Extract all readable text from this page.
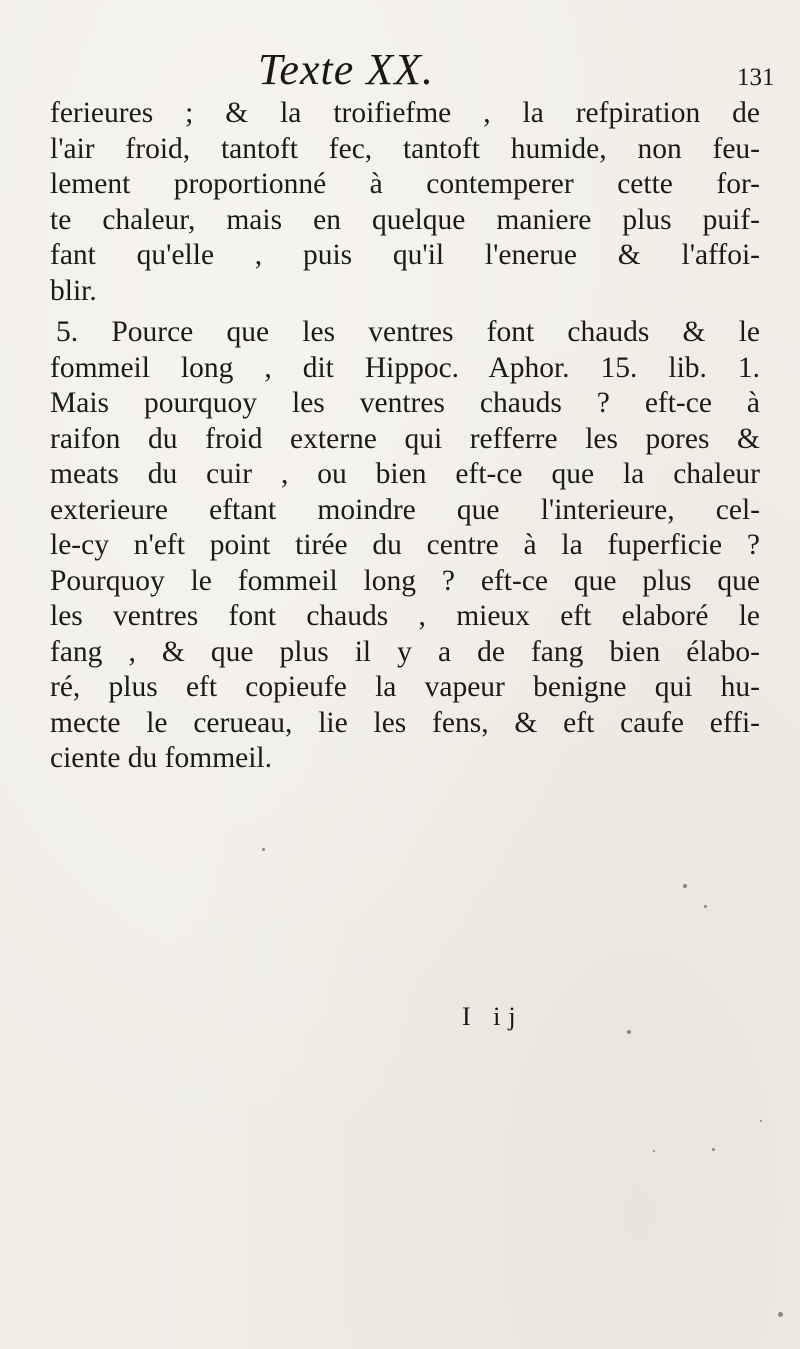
Texte XX.	131
ferieures ; & la troifiefme , la refpiration de
l'air froid, tantoft fec, tantoft humide, non feu-
lement proportionné à contemperer cette for-
te chaleur, mais en quelque maniere plus puif-
fant qu'elle , puis qu'il l'enerue & l'affoi-
blir.
5. Pource que les ventres font chauds & le
fommeil long , dit Hippoc. Aphor. 15. lib. 1.
Mais pourquoy les ventres chauds ? eft-ce à
raifon du froid externe qui refferre les pores &
meats du cuir , ou bien eft-ce que la chaleur
exterieure eftant moindre que l'interieure, cel-
le-cy n'eft point tirée du centre à la fuperficie ?
Pourquoy le fommeil long ? eft-ce que plus que
les ventres font chauds , mieux eft elaboré le
fang , & que plus il y a de fang bien élabo-
ré, plus eft copieufe la vapeur benigne qui hu-
mecte le cerueau, lie les fens, & eft caufe effi-
ciente du fommeil.
I ij
